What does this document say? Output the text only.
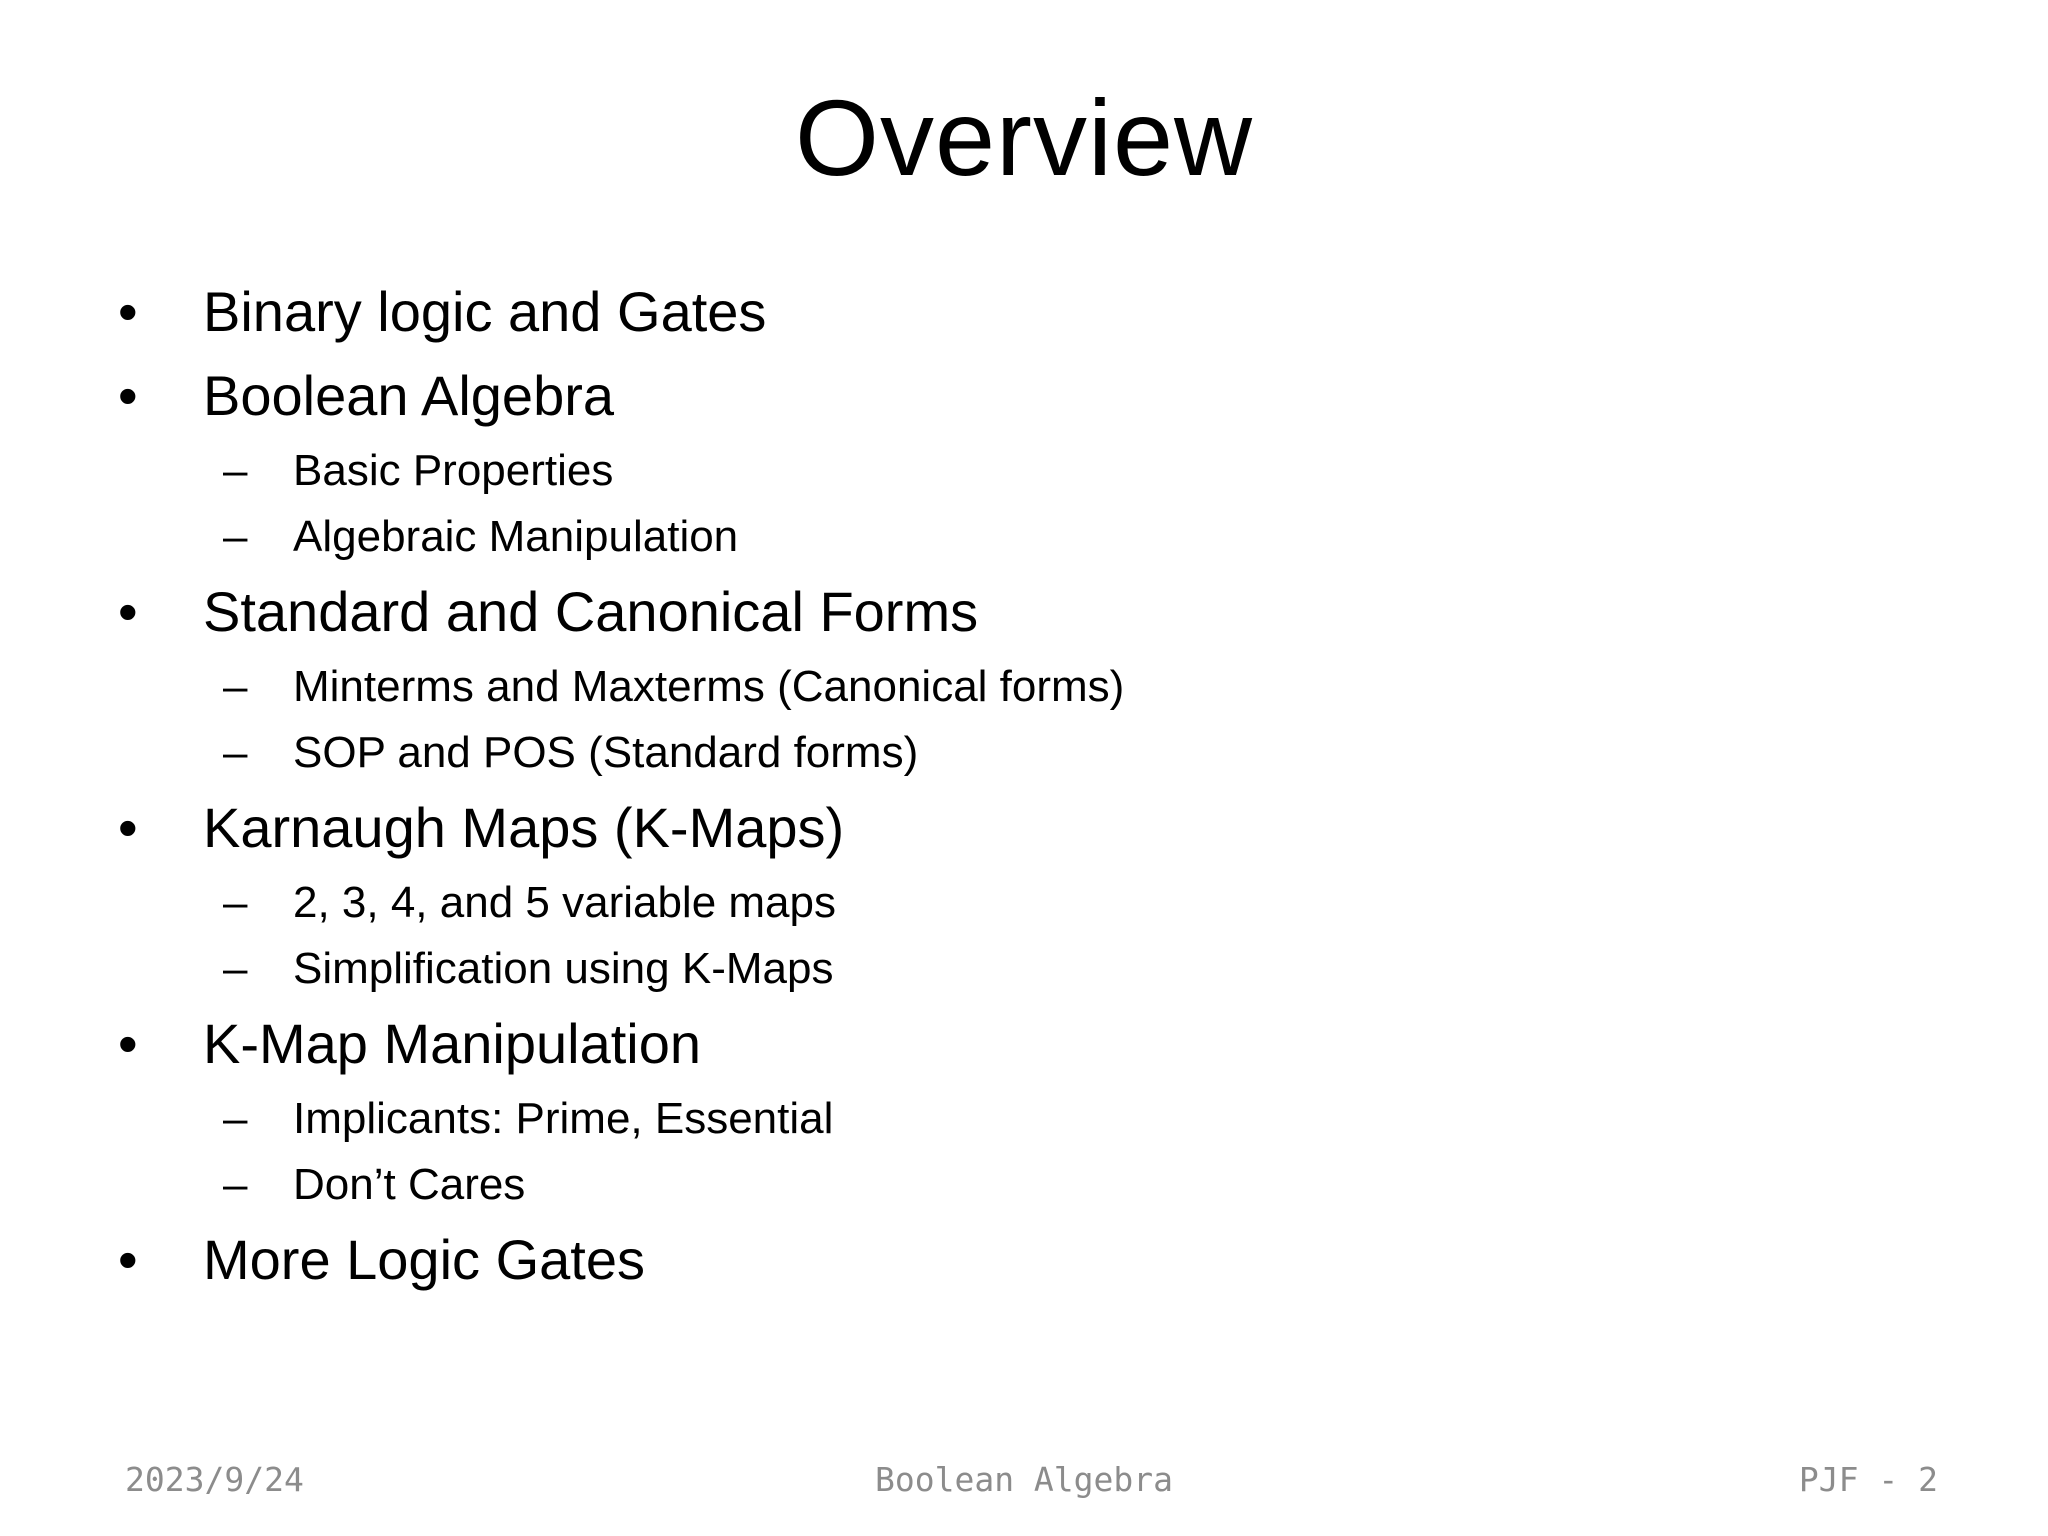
Overview
•	Binary logic and Gates
•	Boolean Algebra
–	Basic Properties
–	Algebraic Manipulation
•	Standard and Canonical Forms
–	Minterms and Maxterms (Canonical forms)
–	SOP and POS (Standard forms)
•	Karnaugh Maps (K-Maps)
–	2, 3, 4, and 5 variable maps
–	Simplification using K-Maps
•	K-Map Manipulation
–	Implicants: Prime, Essential
–	Don’t Cares
•	More Logic Gates
2023/9/24	Boolean Algebra	PJF - 2
